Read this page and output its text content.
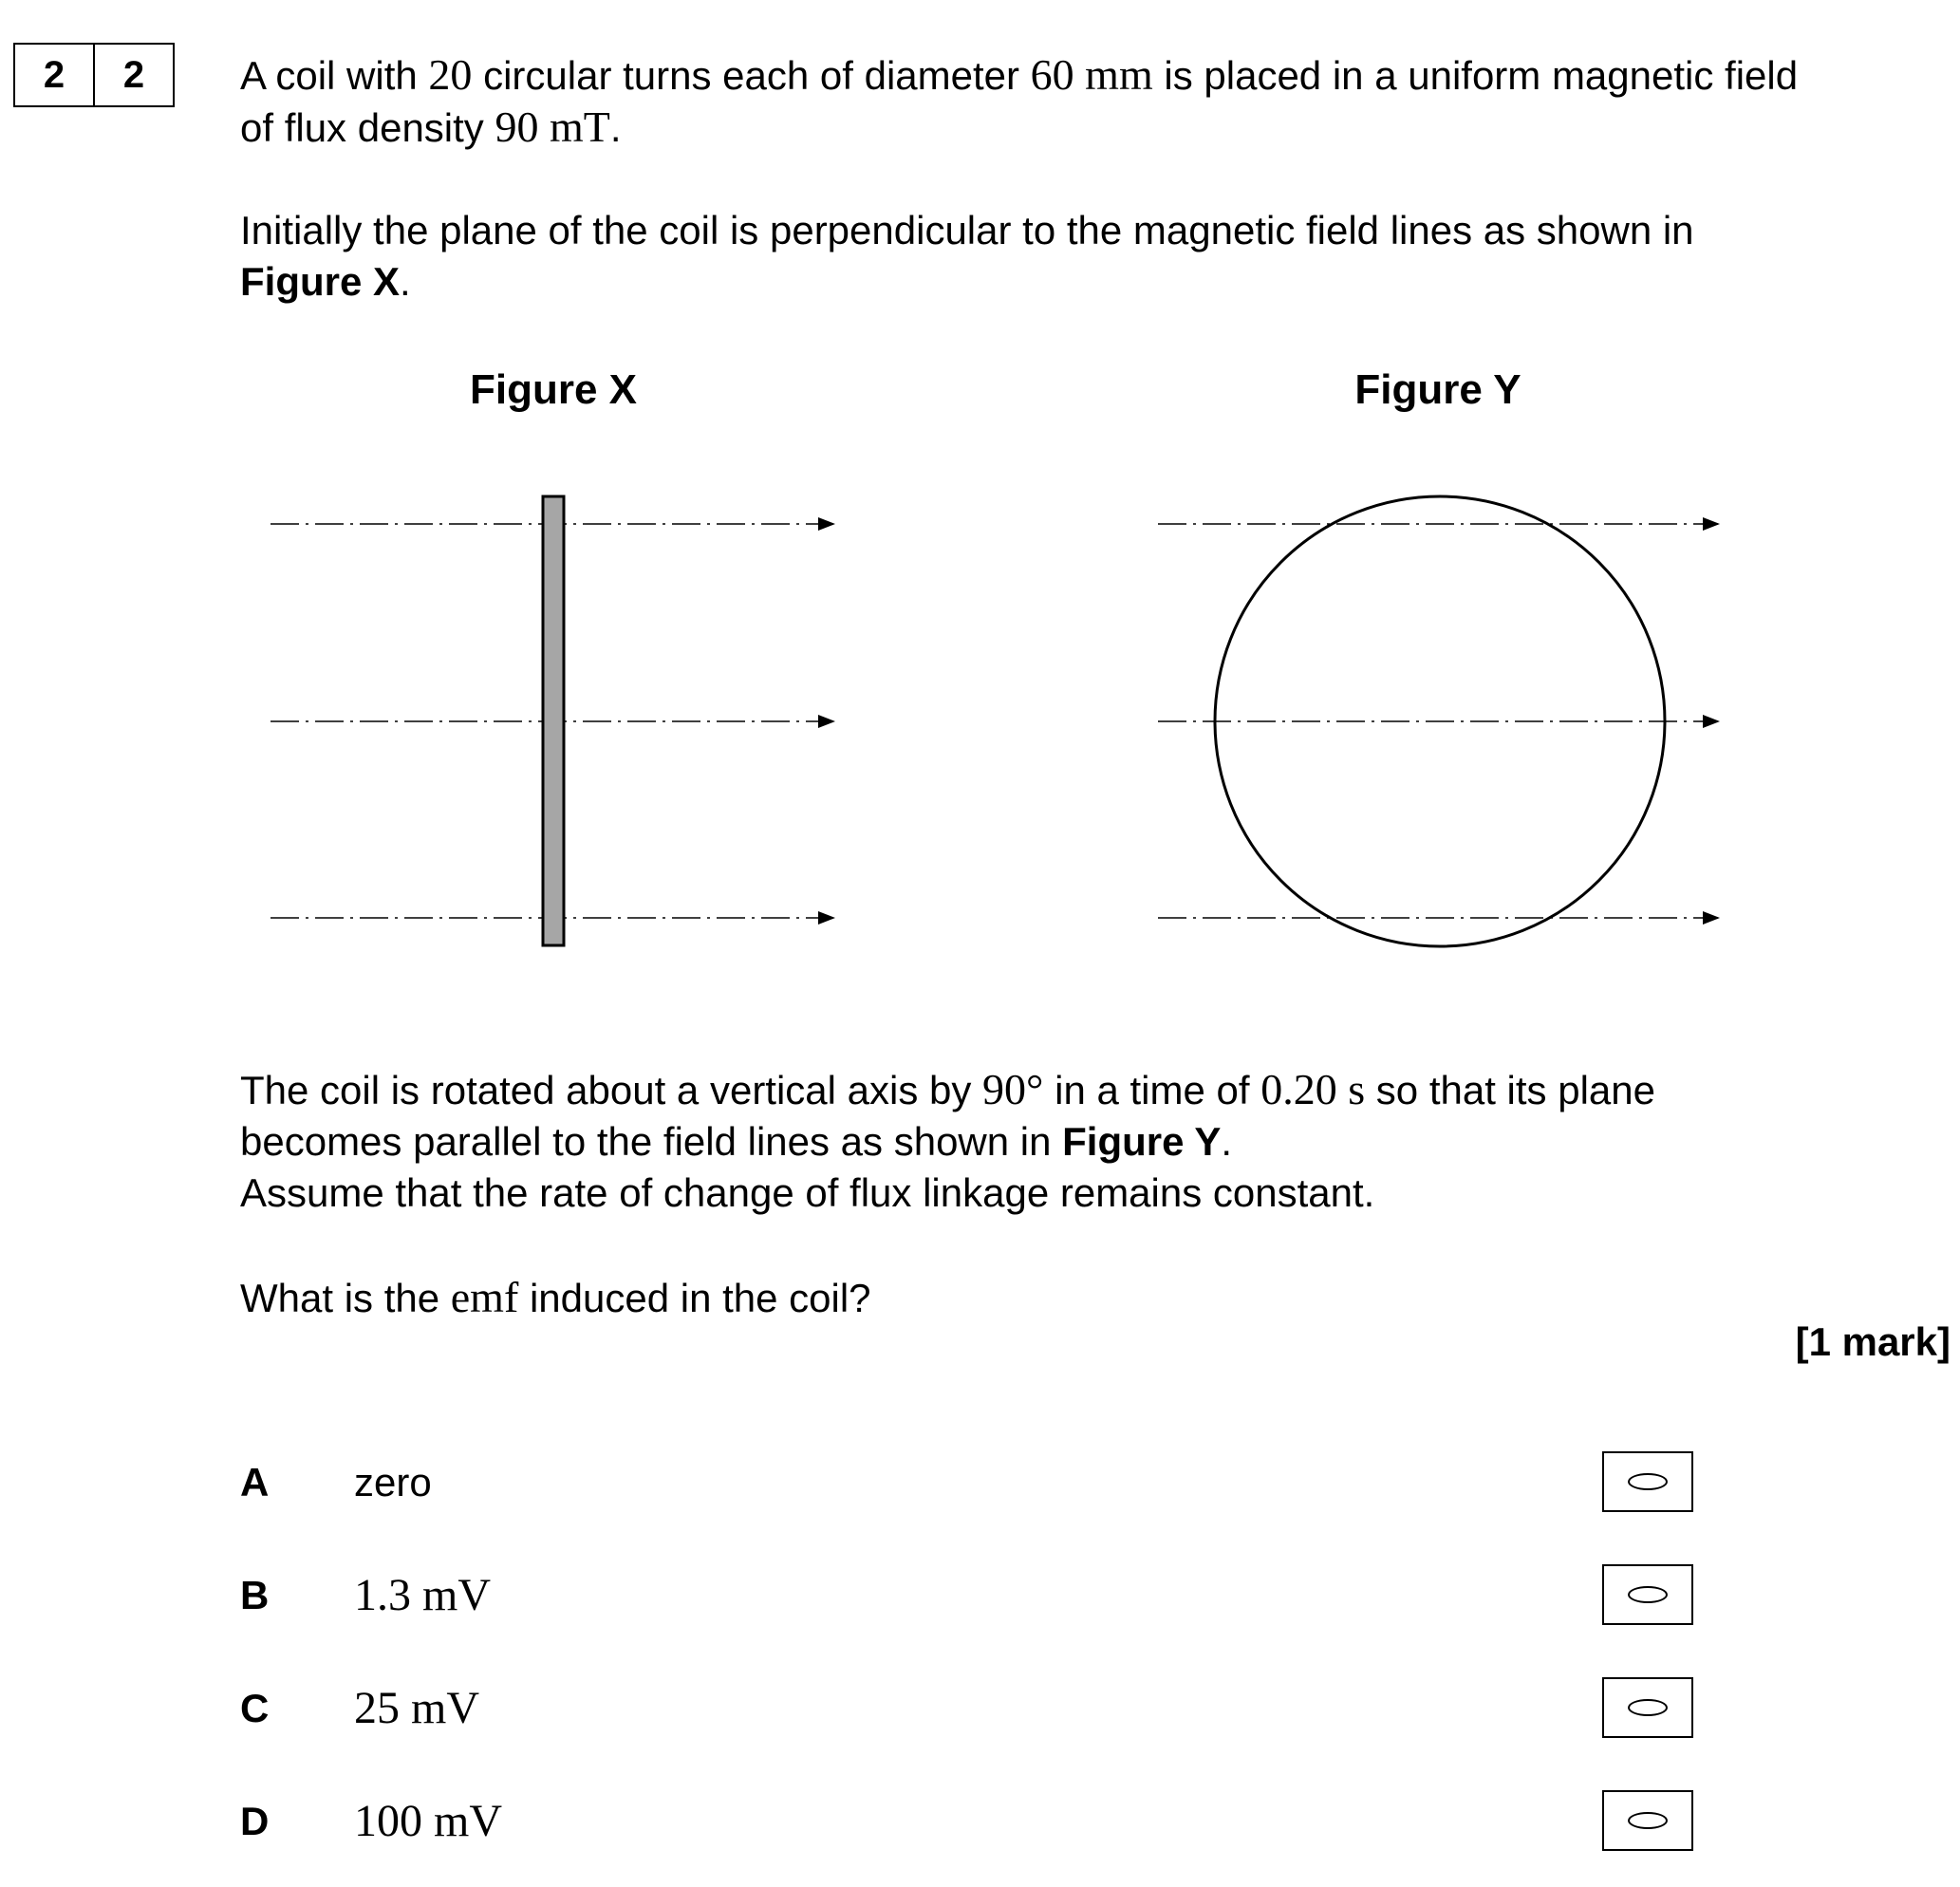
2	2	A coil with 20 circular turns each of diameter 60 mm is placed in a uniform magnetic field
of flux density 90 mT.
Initially the plane of the coil is perpendicular to the magnetic field lines as shown in
Figure X.
Figure X	Figure Y
The coil is rotated about a vertical axis by 90° in a time of 0.20 s so that its plane
becomes parallel to the field lines as shown in Figure Y.
Assume that the rate of change of flux linkage remains constant.
What is the emf induced in the coil?
[1 mark]
A zero
B 1.3 mV
C 25 mV
D 100 mV
